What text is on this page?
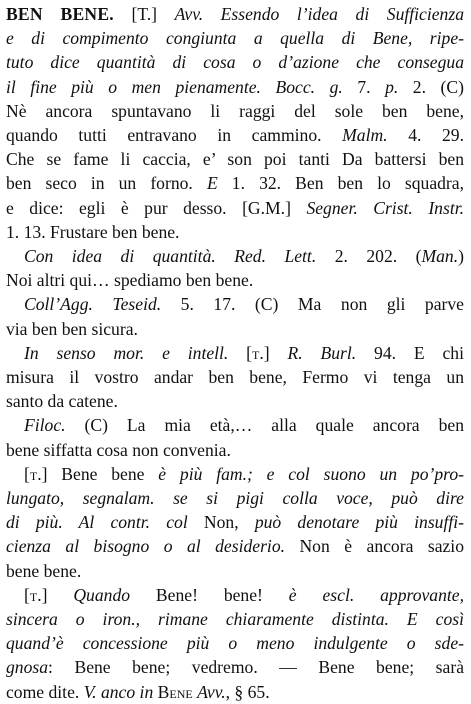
BEN BENE. [T.] Avv. Essendo l’idea di Sufficienza
e di compimento congiunta a quella di Bene, ripe-
tuto dice quantità di cosa o d’azione che consegua
il fine più o men pienamente. Bocc. g. 7. p. 2. (C)
Nè ancora spuntavano li raggi del sole ben bene,
quando tutti entravano in cammino. Malm. 4. 29.
Che se fame li caccia, e’ son poi tanti Da battersi ben
ben seco in un forno. E 1. 32. Ben ben lo squadra,
e dice: egli è pur desso. [G.M.] Segner. Crist. Instr.
1. 13. Frustare ben bene.
Con idea di quantità. Red. Lett. 2. 202. (Man.)
Noi altri qui… spediamo ben bene.
Coll’Agg. Teseid. 5. 17. (C) Ma non gli parve
via ben ben sicura.
In senso mor. e intell. [t.] R. Burl. 94. E chi
misura il vostro andar ben bene, Fermo vi tenga un
santo da catene.
Filoc. (C) La mia età,… alla quale ancora ben
bene siffatta cosa non convenia.
[t.] Bene bene è più fam.; e col suono un po’pro-
lungato, segnalam. se si pigi colla voce, può dire
di più. Al contr. col Non, può denotare più insuffi-
cienza al bisogno o al desiderio. Non è ancora sazio
bene bene.
[t.] Quando Bene! bene! è escl. approvante,
sincera o iron., rimane chiaramente distinta. E così
quand’è concessione più o meno indulgente o sde-
gnosa: Bene bene; vedremo. — Bene bene; sarà
come dite. V. anco in Bene Avv., § 65.
